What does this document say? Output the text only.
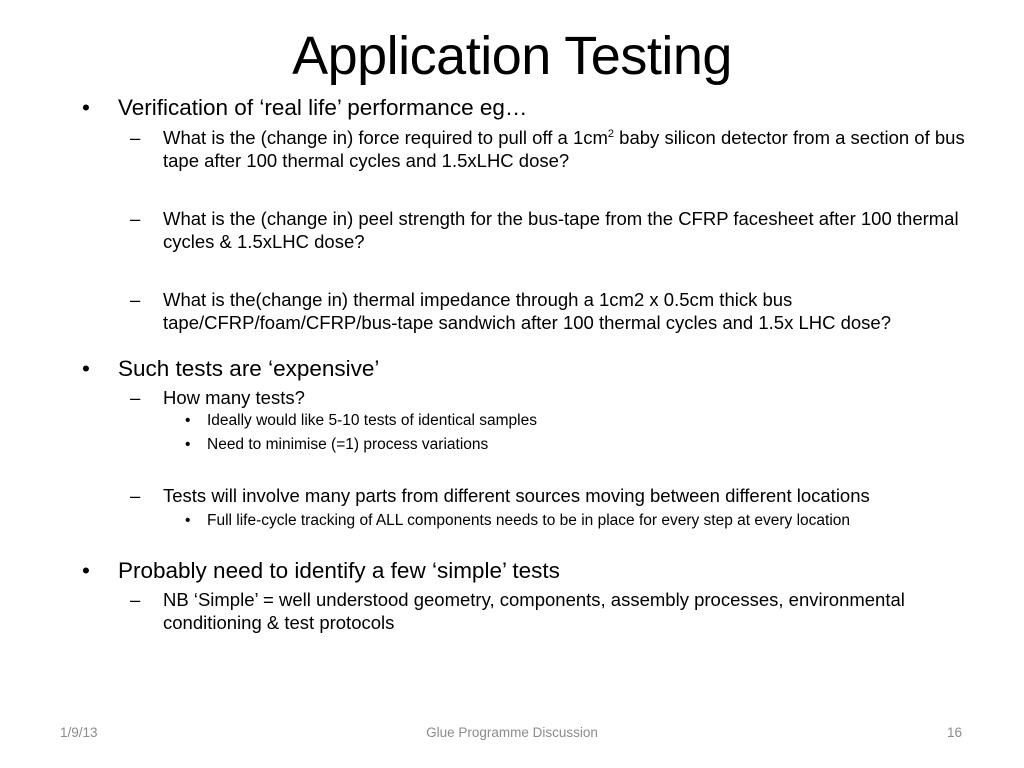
Application Testing
• Verification of ‘real life’ performance eg…
– What is the (change in) force required to pull off a $1cm^2$ baby silicon detector from a section of bus tape after 100 thermal cycles and 1.5xLHC dose?
– What is the (change in) peel strength for the bus-tape from the CFRP facesheet after 100 thermal cycles & 1.5xLHC dose?
– What is the(change in) thermal impedance through a 1cm2 x 0.5cm thick bus tape/CFRP/foam/CFRP/bus-tape sandwich after 100 thermal cycles and 1.5x LHC dose?
• Such tests are ‘expensive’
– How many tests?
• Ideally would like 5-10 tests of identical samples
• Need to minimise (=1) process variations
– Tests will involve many parts from different sources moving between different locations
• Full life-cycle tracking of ALL components needs to be in place for every step at every location
• Probably need to identify a few ‘simple’ tests
– NB ‘Simple’ = well understood geometry, components, assembly processes, environmental conditioning & test protocols
1/9/13	Glue Programme Discussion	16
